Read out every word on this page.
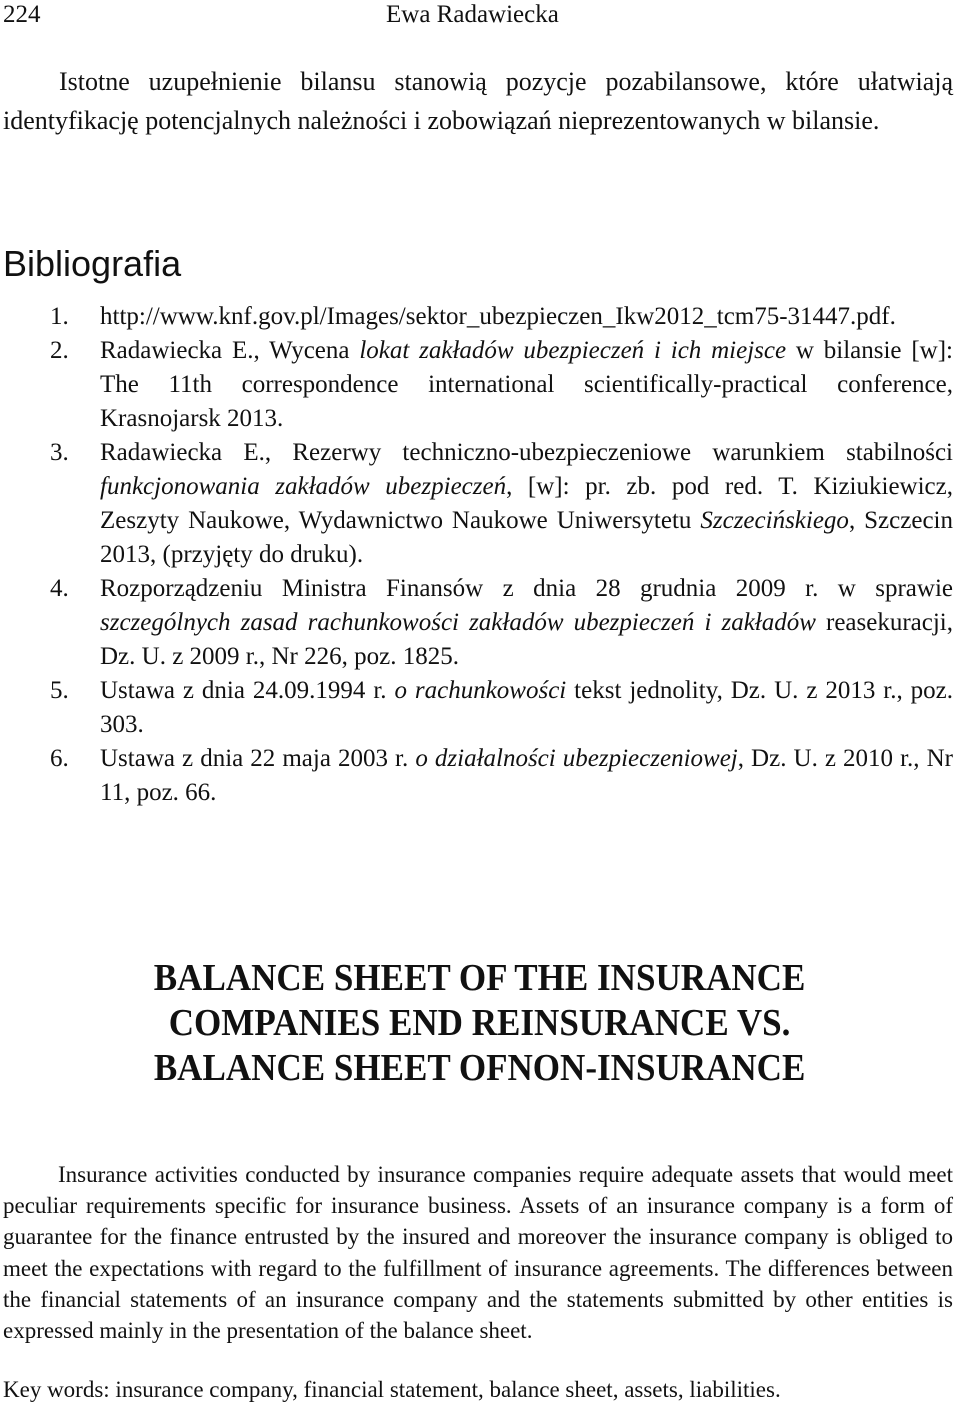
224	Ewa Radawiecka

Istotne uzupełnienie bilansu stanowią pozycje pozabilansowe, które ułatwiają identyfikację potencjalnych należności i zobowiązań nieprezentowanych w bilansie.

Bibliografia
1.	http://www.knf.gov.pl/Images/sektor_ubezpieczen_Ikw2012_tcm75-31447.pdf.
2.	Radawiecka E., Wycena lokat zakładów ubezpieczeń i ich miejsce w bilansie [w]: The 11th correspondence international scientifically-practical conference, Krasnojarsk 2013.
3.	Radawiecka E., Rezerwy techniczno-ubezpieczeniowe warunkiem stabilności funkcjonowania zakładów ubezpieczeń, [w]: pr. zb. pod red. T. Kiziukiewicz, Zeszyty Naukowe, Wydawnictwo Naukowe Uniwersytetu Szczecińskiego, Szczecin 2013, (przyjęty do druku).
4.	Rozporządzeniu Ministra Finansów z dnia 28 grudnia 2009 r. w sprawie szczególnych zasad rachunkowości zakładów ubezpieczeń i zakładów reasekuracji, Dz. U. z 2009 r., Nr 226, poz. 1825.
5.	Ustawa z dnia 24.09.1994 r. o rachunkowości tekst jednolity, Dz. U. z 2013 r., poz. 303.
6.	Ustawa z dnia 22 maja 2003 r. o działalności ubezpieczeniowej, Dz. U. z 2010 r., Nr 11, poz. 66.
BALANCE SHEET OF THE INSURANCE
COMPANIES END REINSURANCE VS.
BALANCE SHEET OFNON-INSURANCE

Insurance activities conducted by insurance companies require adequate assets that would meet peculiar requirements specific for insurance business. Assets of an insurance company is a form of guarantee for the finance entrusted by the insured and moreover the insurance company is obliged to meet the expectations with regard to the fulfillment of insurance agreements. The differences between the financial statements of an insurance company and the statements submitted by other entities is expressed mainly in the presentation of the balance sheet.

Key words: insurance company, financial statement, balance sheet, assets, liabilities.
